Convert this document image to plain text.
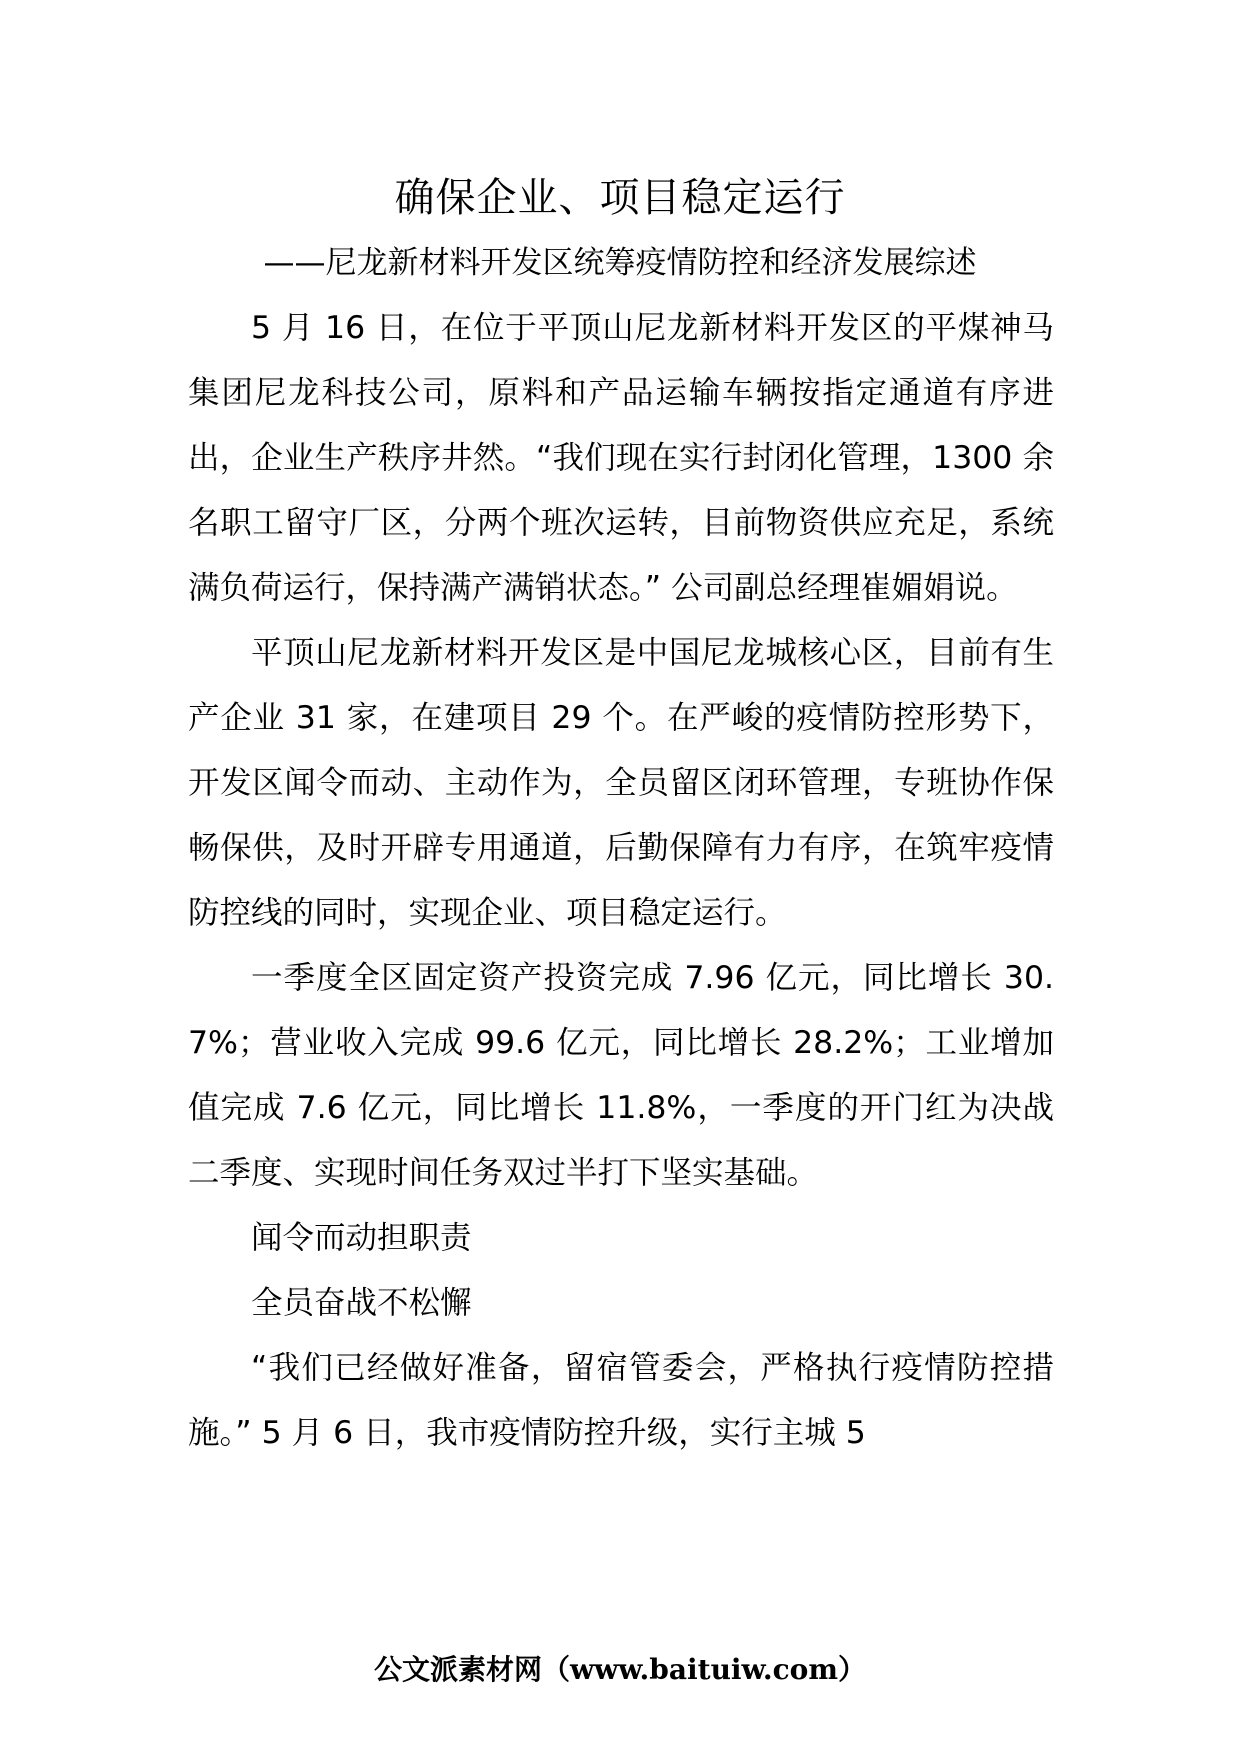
确保企业、项目稳定运行

——尼龙新材料开发区统筹疫情防控和经济发展综述

5 月 16 日，在位于平顶山尼龙新材料开发区的平煤神马集团尼龙科技公司，原料和产品运输车辆按指定通道有序进出，企业生产秩序井然。“我们现在实行封闭化管理，1300 余名职工留守厂区，分两个班次运转，目前物资供应充足，系统满负荷运行，保持满产满销状态。” 公司副总经理崔媚娟说。

平顶山尼龙新材料开发区是中国尼龙城核心区，目前有生产企业 31 家，在建项目 29 个。在严峻的疫情防控形势下，开发区闻令而动、主动作为，全员留区闭环管理，专班协作保畅保供，及时开辟专用通道，后勤保障有力有序，在筑牢疫情防控线的同时，实现企业、项目稳定运行。

一季度全区固定资产投资完成 7.96 亿元，同比增长 30.7%；营业收入完成 99.6 亿元，同比增长 28.2%；工业增加值完成 7.6 亿元，同比增长 11.8%，一季度的开门红为决战二季度、实现时间任务双过半打下坚实基础。

闻令而动担职责

全员奋战不松懈

“我们已经做好准备，留宿管委会，严格执行疫情防控措施。” 5 月 6 日，我市疫情防控升级，实行主城 5

公文派素材网（www.baituiw.com）
